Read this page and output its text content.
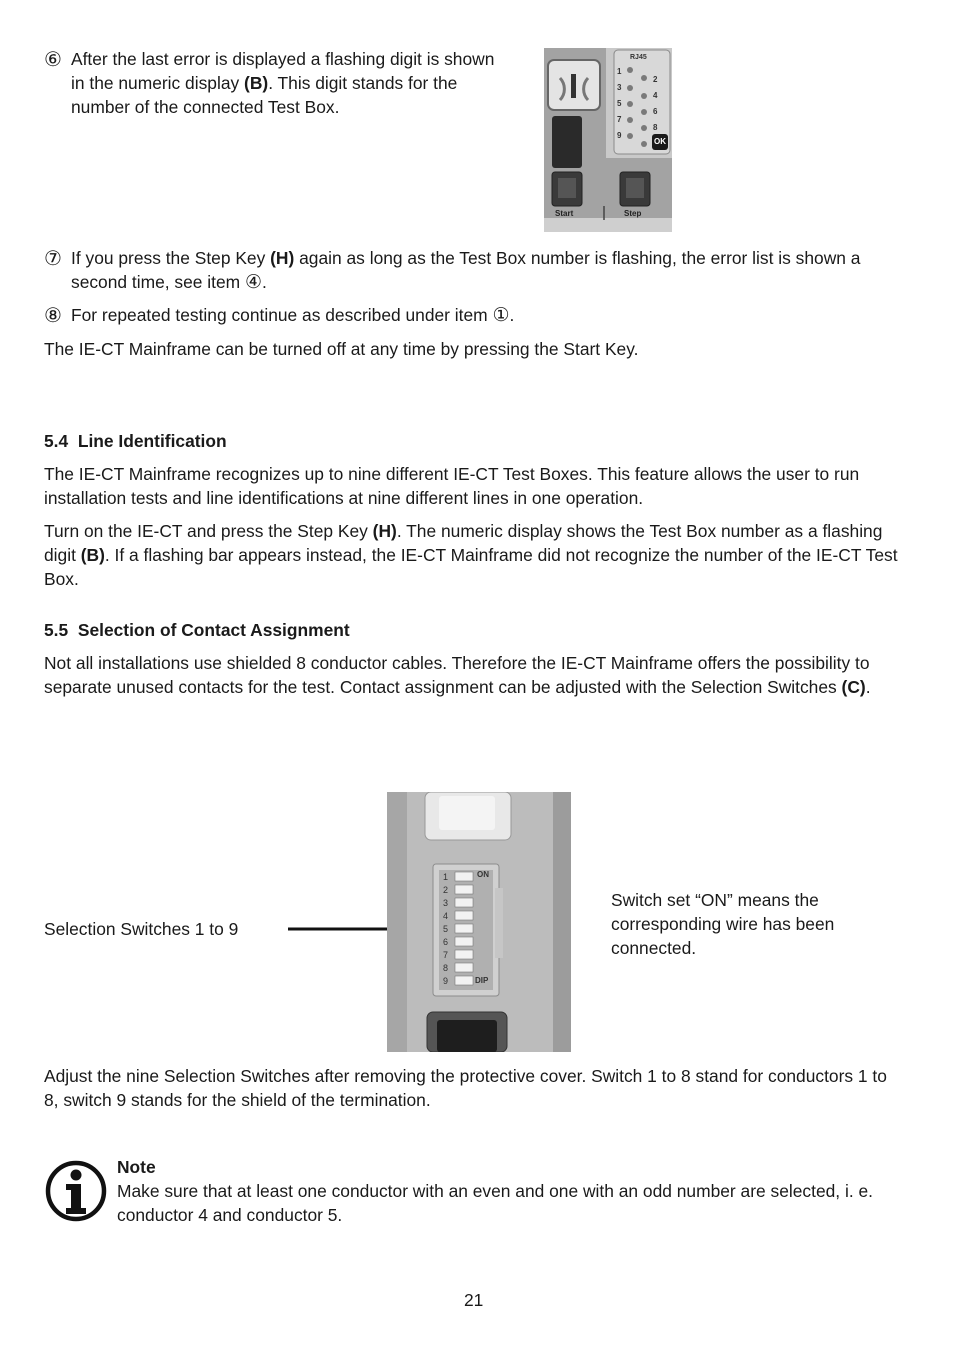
⑥ After the last error is displayed a flashing digit is shown in the numeric display (B). This digit stands for the number of the connected Test Box.

RJ45
1
3
5
7
9
2
4
6
8
OK
Start	Step
⑦ If you press the Step Key (H) again as long as the Test Box number is flashing, the error list is shown a second time, see item ④.

⑧ For repeated testing continue as described under item ①.

The IE-CT Mainframe can be turned off at any time by pressing the Start Key.

5.4  Line Identification

The IE-CT Mainframe recognizes up to nine different IE-CT Test Boxes. This feature allows the user to run installation tests and line identifications at nine different lines in one operation.

Turn on the IE-CT and press the Step Key (H). The numeric display shows the Test Box number as a flashing digit (B). If a flashing bar appears instead, the IE-CT Mainframe did not recognize the number of the IE-CT Test Box.

5.5  Selection of Contact Assignment

Not all installations use shielded 8 conductor cables. Therefore the IE-CT Mainframe offers the possibility to separate unused contacts for the test. Contact assignment can be adjusted with the Selection Switches (C).

Selection Switches 1 to 9

1
2
3
4
5
6
7
8
9
ON
DIP

Switch set “ON” means the corresponding wire has been connected.

Adjust the nine Selection Switches after removing the protective cover. Switch 1 to 8 stand for conductors 1 to 8, switch 9 stands for the shield of the termination.

Note

Make sure that at least one conductor with an even and one with an odd number are selected, i. e. conductor 4 and conductor 5.

21
